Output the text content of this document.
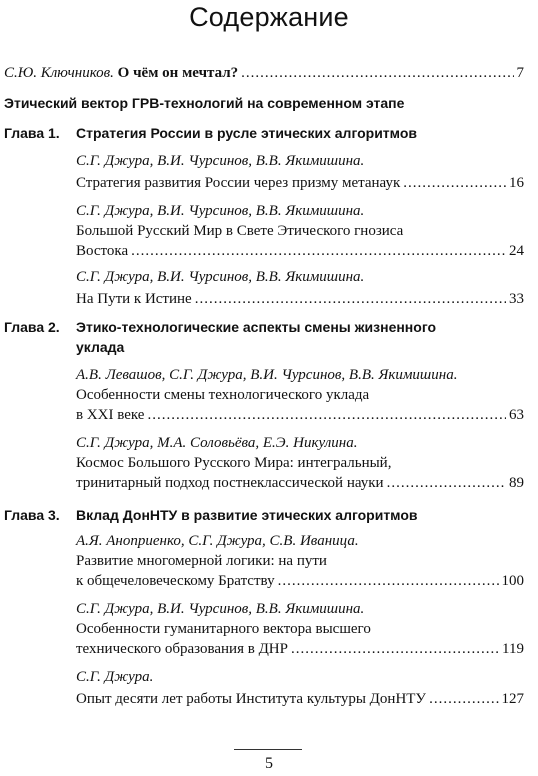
Содержание
С.Ю. Ключников.
О чём он мечтал? .....	7
Этический вектор ГРВ-технологий на современном этапе
Глава 1. Стратегия России в русле этических алгоритмов
С.Г. Джура, В.И. Чурсинов, В.В. Якимишина.
Стратегия развития России через призму метанаук .....	16
С.Г. Джура, В.И. Чурсинов, В.В. Якимишина.
Большой Русский Мир в Свете Этического гнозиса
Востока .....	24
С.Г. Джура, В.И. Чурсинов, В.В. Якимишина.
На Пути к Истине .....	33
Глава 2. Этико-технологические аспекты смены жизненного
уклада
А.В. Левашов, С.Г. Джура, В.И. Чурсинов, В.В. Якимишина.
Особенности смены технологического уклада
в XXI веке .....	63
С.Г. Джура, М.А. Соловьёва, Е.Э. Никулина.
Космос Большого Русского Мира: интегральный,
тринитарный подход постнеклассической науки .....	89
Глава 3. Вклад ДонНТУ в развитие этических алгоритмов
А.Я. Аноприенко, С.Г. Джура, С.В. Иваница.
Развитие многомерной логики: на пути
к общечеловеческому Братству .....	100
С.Г. Джура, В.И. Чурсинов, В.В. Якимишина.
Особенности гуманитарного вектора высшего
технического образования в ДНР .....	119
С.Г. Джура.
Опыт десяти лет работы Института культуры ДонНТУ .....	127
5
